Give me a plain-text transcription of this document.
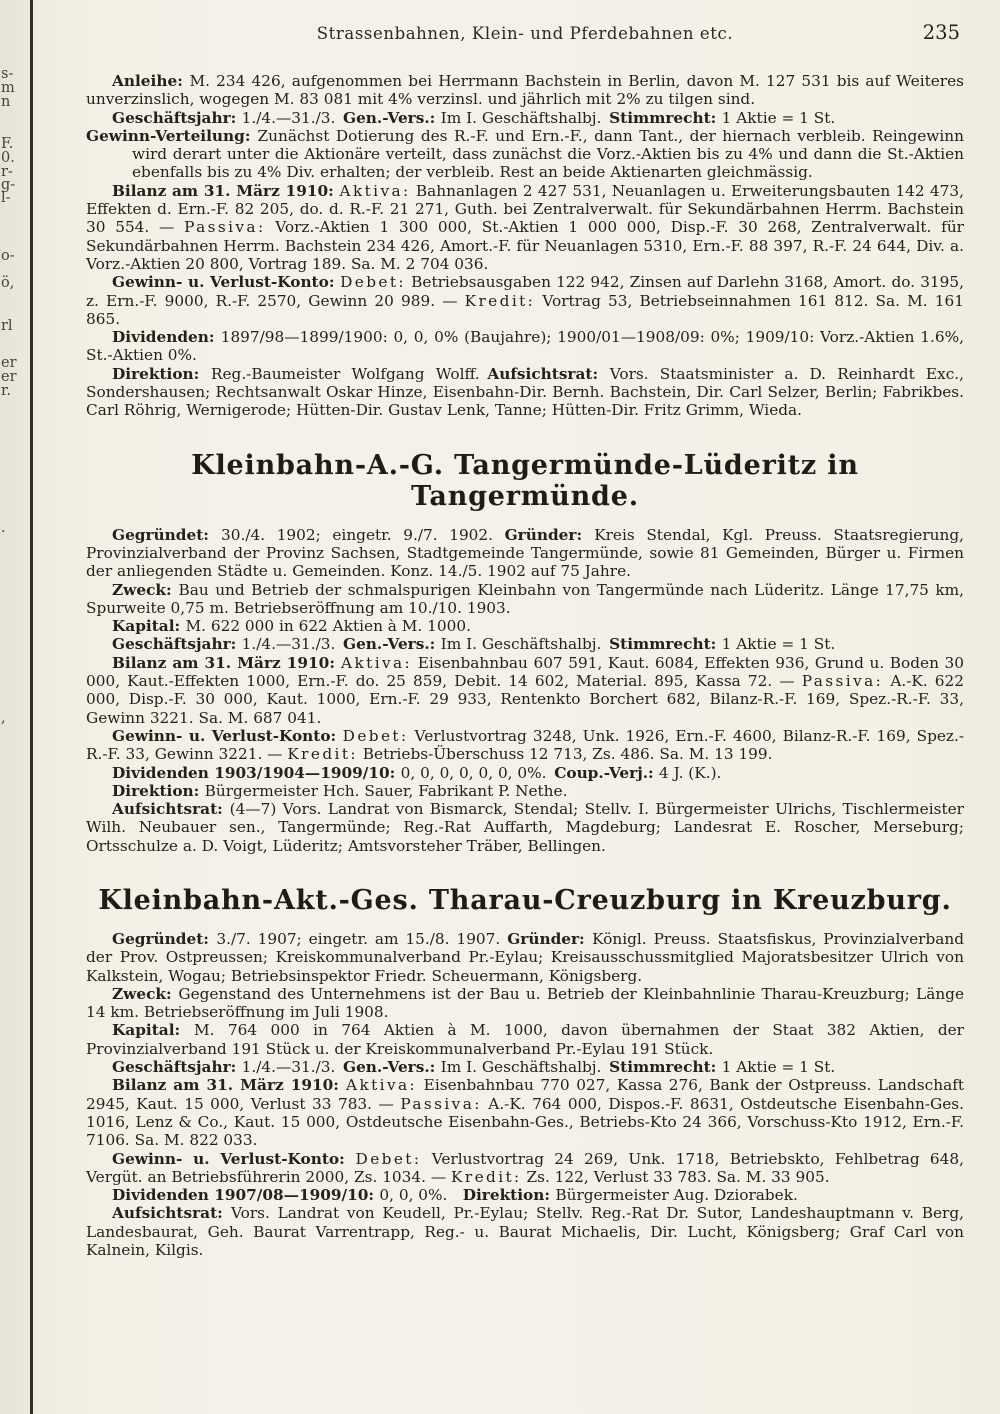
s-
m
n
F.
0.
r-
g-
l-
o-
ö,
rl
er
er
r.
.
,
Strassenbahnen, Klein- und Pferdebahnen etc.	235

Anleihe: M. 234 426, aufgenommen bei Herrmann Bachstein in Berlin, davon M. 127 531 bis auf Weiteres unverzinslich, wogegen M. 83 081 mit 4% verzinsl. und jährlich mit 2% zu tilgen sind.

Geschäftsjahr: 1./4.—31./3. Gen.-Vers.: Im I. Geschäftshalbj. Stimmrecht: 1 Aktie = 1 St.

Gewinn-Verteilung: Zunächst Dotierung des R.-F. und Ern.-F., dann Tant., der hiernach verbleib. Reingewinn wird derart unter die Aktionäre verteilt, dass zunächst die Vorz.-Aktien bis zu 4% und dann die St.-Aktien ebenfalls bis zu 4% Div. erhalten; der verbleib. Rest an beide Aktienarten gleichmässig.

Bilanz am 31. März 1910: Aktiva: Bahnanlagen 2 427 531, Neuanlagen u. Erweiterungsbauten 142 473, Effekten d. Ern.-F. 82 205, do. d. R.-F. 21 271, Guth. bei Zentralverwalt. für Sekundärbahnen Herrm. Bachstein 30 554. — Passiva: Vorz.-Aktien 1 300 000, St.-Aktien 1 000 000, Disp.-F. 30 268, Zentralverwalt. für Sekundärbahnen Herrm. Bachstein 234 426, Amort.-F. für Neuanlagen 5310, Ern.-F. 88 397, R.-F. 24 644, Div. a. Vorz.-Aktien 20 800, Vortrag 189. Sa. M. 2 704 036.

Gewinn- u. Verlust-Konto: Debet: Betriebsausgaben 122 942, Zinsen auf Darlehn 3168, Amort. do. 3195, z. Ern.-F. 9000, R.-F. 2570, Gewinn 20 989. — Kredit: Vortrag 53, Betriebseinnahmen 161 812. Sa. M. 161 865.

Dividenden: 1897/98—1899/1900: 0, 0, 0% (Baujahre); 1900/01—1908/09: 0%; 1909/10: Vorz.-Aktien 1.6%, St.-Aktien 0%.

Direktion: Reg.-Baumeister Wolfgang Wolff. Aufsichtsrat: Vors. Staatsminister a. D. Reinhardt Exc., Sondershausen; Rechtsanwalt Oskar Hinze, Eisenbahn-Dir. Bernh. Bachstein, Dir. Carl Selzer, Berlin; Fabrikbes. Carl Röhrig, Wernigerode; Hütten-Dir. Gustav Lenk, Tanne; Hütten-Dir. Fritz Grimm, Wieda.

Kleinbahn-A.-G. Tangermünde-Lüderitz in Tangermünde.

Gegründet: 30./4. 1902; eingetr. 9./7. 1902. Gründer: Kreis Stendal, Kgl. Preuss. Staatsregierung, Provinzialverband der Provinz Sachsen, Stadtgemeinde Tangermünde, sowie 81 Gemeinden, Bürger u. Firmen der anliegenden Städte u. Gemeinden. Konz. 14./5. 1902 auf 75 Jahre.

Zweck: Bau und Betrieb der schmalspurigen Kleinbahn von Tangermünde nach Lüderitz. Länge 17,75 km, Spurweite 0,75 m. Betriebseröffnung am 10./10. 1903.

Kapital: M. 622 000 in 622 Aktien à M. 1000.

Geschäftsjahr: 1./4.—31./3. Gen.-Vers.: Im I. Geschäftshalbj. Stimmrecht: 1 Aktie = 1 St.

Bilanz am 31. März 1910: Aktiva: Eisenbahnbau 607 591, Kaut. 6084, Effekten 936, Grund u. Boden 30 000, Kaut.-Effekten 1000, Ern.-F. do. 25 859, Debit. 14 602, Material. 895, Kassa 72. — Passiva: A.-K. 622 000, Disp.-F. 30 000, Kaut. 1000, Ern.-F. 29 933, Rentenkto Borchert 682, Bilanz-R.-F. 169, Spez.-R.-F. 33, Gewinn 3221. Sa. M. 687 041.

Gewinn- u. Verlust-Konto: Debet: Verlustvortrag 3248, Unk. 1926, Ern.-F. 4600, Bilanz-R.-F. 169, Spez.-R.-F. 33, Gewinn 3221. — Kredit: Betriebs-Überschuss 12 713, Zs. 486. Sa. M. 13 199.

Dividenden 1903/1904—1909/10: 0, 0, 0, 0, 0, 0, 0%. Coup.-Verj.: 4 J. (K.).

Direktion: Bürgermeister Hch. Sauer, Fabrikant P. Nethe.

Aufsichtsrat: (4—7) Vors. Landrat von Bismarck, Stendal; Stellv. I. Bürgermeister Ulrichs, Tischlermeister Wilh. Neubauer sen., Tangermünde; Reg.-Rat Auffarth, Magdeburg; Landesrat E. Roscher, Merseburg; Ortsschulze a. D. Voigt, Lüderitz; Amtsvorsteher Träber, Bellingen.

Kleinbahn-Akt.-Ges. Tharau-Creuzburg in Kreuzburg.

Gegründet: 3./7. 1907; eingetr. am 15./8. 1907. Gründer: Königl. Preuss. Staatsfiskus, Provinzialverband der Prov. Ostpreussen; Kreiskommunalverband Pr.-Eylau; Kreisausschussmitglied Majoratsbesitzer Ulrich von Kalkstein, Wogau; Betriebsinspektor Friedr. Scheuermann, Königsberg.

Zweck: Gegenstand des Unternehmens ist der Bau u. Betrieb der Kleinbahnlinie Tharau-Kreuzburg; Länge 14 km. Betriebseröffnung im Juli 1908.

Kapital: M. 764 000 in 764 Aktien à M. 1000, davon übernahmen der Staat 382 Aktien, der Provinzialverband 191 Stück u. der Kreiskommunalverband Pr.-Eylau 191 Stück.

Geschäftsjahr: 1./4.—31./3. Gen.-Vers.: Im I. Geschäftshalbj. Stimmrecht: 1 Aktie = 1 St.

Bilanz am 31. März 1910: Aktiva: Eisenbahnbau 770 027, Kassa 276, Bank der Ostpreuss. Landschaft 2945, Kaut. 15 000, Verlust 33 783. — Passiva: A.-K. 764 000, Dispos.-F. 8631, Ostdeutsche Eisenbahn-Ges. 1016, Lenz & Co., Kaut. 15 000, Ostdeutsche Eisenbahn-Ges., Betriebs-Kto 24 366, Vorschuss-Kto 1912, Ern.-F. 7106. Sa. M. 822 033.

Gewinn- u. Verlust-Konto: Debet: Verlustvortrag 24 269, Unk. 1718, Betriebskto, Fehlbetrag 648, Vergüt. an Betriebsführerin 2000, Zs. 1034. — Kredit: Zs. 122, Verlust 33 783. Sa. M. 33 905.

Dividenden 1907/08—1909/10: 0, 0, 0%. Direktion: Bürgermeister Aug. Dziorabek.

Aufsichtsrat: Vors. Landrat von Keudell, Pr.-Eylau; Stellv. Reg.-Rat Dr. Sutor, Landeshauptmann v. Berg, Landesbaurat, Geh. Baurat Varrentrapp, Reg.- u. Baurat Michaelis, Dir. Lucht, Königsberg; Graf Carl von Kalnein, Kilgis.
